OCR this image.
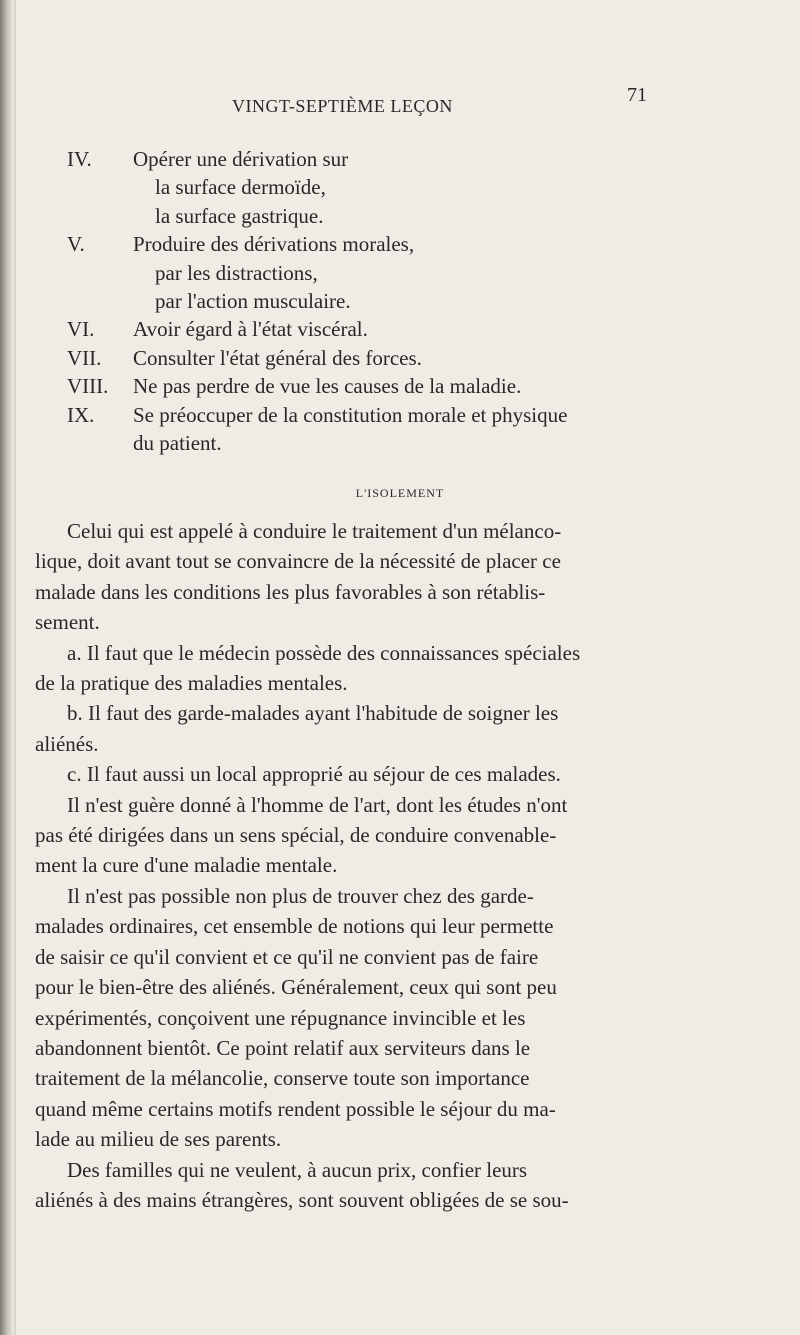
VINGT-SEPTIÈME LEÇON	71
IV.	Opérer une dérivation sur
la surface dermoïde,
la surface gastrique.
V.	Produire des dérivations morales,
par les distractions,
par l'action musculaire.
VI.	Avoir égard à l'état viscéral.
VII.	Consulter l'état général des forces.
VIII.	Ne pas perdre de vue les causes de la maladie.
IX.	Se préoccuper de la constitution morale et physique
du patient.
L'ISOLEMENT
Celui qui est appelé à conduire le traitement d'un mélanco-
lique, doit avant tout se convaincre de la nécessité de placer ce
malade dans les conditions les plus favorables à son rétablis-
sement.
a. Il faut que le médecin possède des connaissances spéciales
de la pratique des maladies mentales.
b. Il faut des garde-malades ayant l'habitude de soigner les
aliénés.
c. Il faut aussi un local approprié au séjour de ces malades.
Il n'est guère donné à l'homme de l'art, dont les études n'ont
pas été dirigées dans un sens spécial, de conduire convenable-
ment la cure d'une maladie mentale.
Il n'est pas possible non plus de trouver chez des garde-
malades ordinaires, cet ensemble de notions qui leur permette
de saisir ce qu'il convient et ce qu'il ne convient pas de faire
pour le bien-être des aliénés. Généralement, ceux qui sont peu
expérimentés, conçoivent une répugnance invincible et les
abandonnent bientôt. Ce point relatif aux serviteurs dans le
traitement de la mélancolie, conserve toute son importance
quand même certains motifs rendent possible le séjour du ma-
lade au milieu de ses parents.
Des familles qui ne veulent, à aucun prix, confier leurs
aliénés à des mains étrangères, sont souvent obligées de se sou-
